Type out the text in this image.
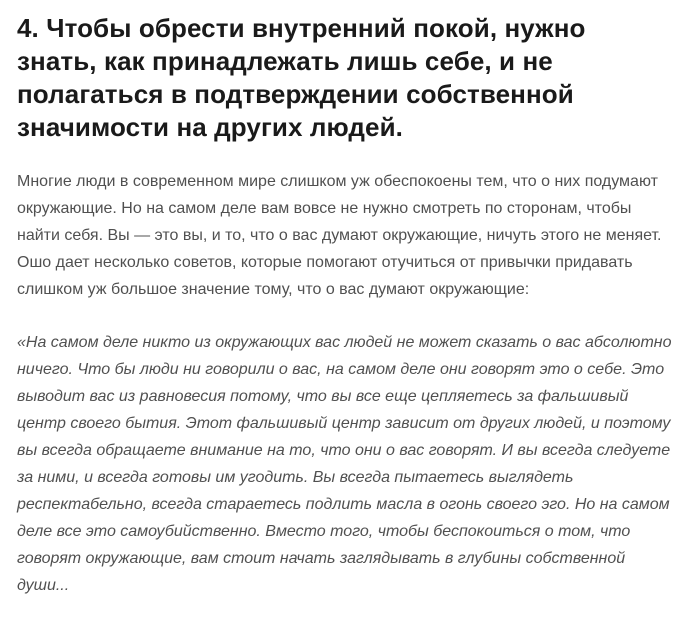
4. Чтобы обрести внутренний покой, нужно знать, как принадлежать лишь себе, и не полагаться в подтверждении собственной значимости на других людей.

Многие люди в современном мире слишком уж обеспокоены тем, что о них подумают окружающие. Но на самом деле вам вовсе не нужно смотреть по сторонам, чтобы найти себя. Вы — это вы, и то, что о вас думают окружающие, ничуть этого не меняет. Ошо дает несколько советов, которые помогают отучиться от привычки придавать слишком уж большое значение тому, что о вас думают окружающие:

«На самом деле никто из окружающих вас людей не может сказать о вас абсолютно ничего. Что бы люди ни говорили о вас, на самом деле они говорят это о себе. Это выводит вас из равновесия потому, что вы все еще цепляетесь за фальшивый центр своего бытия. Этот фальшивый центр зависит от других людей, и поэтому вы всегда обращаете внимание на то, что они о вас говорят. И вы всегда следуете за ними, и всегда готовы им угодить. Вы всегда пытаетесь выглядеть респектабельно, всегда стараетесь подлить масла в огонь своего эго. Но на самом деле все это самоубийственно. Вместо того, чтобы беспокоиться о том, что говорят окружающие, вам стоит начать заглядывать в глубины собственной души...
